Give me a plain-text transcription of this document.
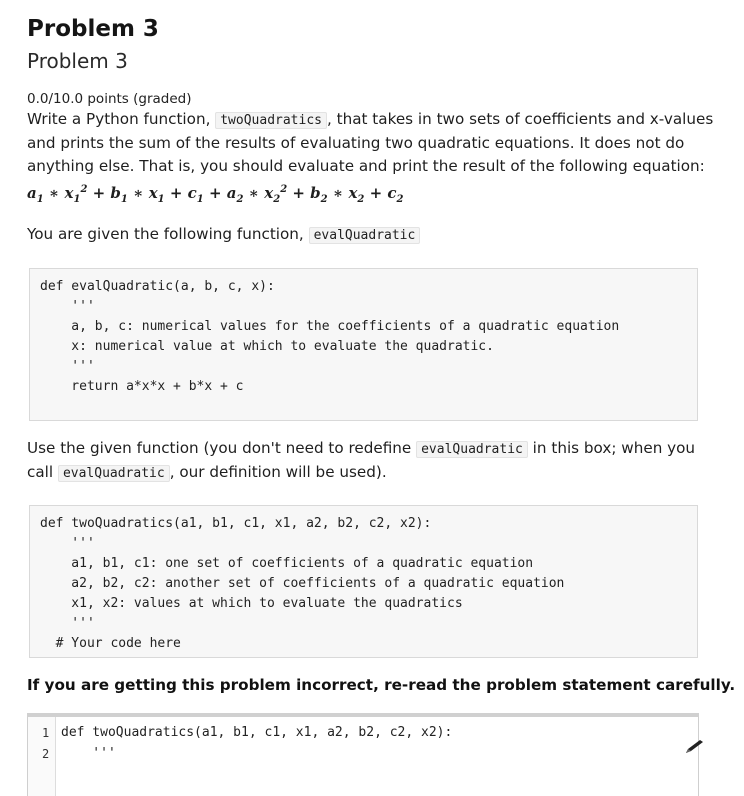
Problem 3
Problem 3
0.0/10.0 points (graded)
Write a Python function, twoQuadratics , that takes in two sets of coefficients and x-values and prints the sum of the results of evaluating two quadratic equations. It does not do anything else. That is, you should evaluate and print the result of the following equation: $a_1$ ∗ $x_1^2 + b_1$ ∗ $x_1 + c_1 + a_2$ ∗ $x_2^2 + b_2$ ∗ $x_2 + c_2$
You are given the following function, evalQuadratic
def evalQuadratic(a, b, c, x):
'''
a, b, c: numerical values for the coefficients of a quadratic equation
x: numerical value at which to evaluate the quadratic.
'''
return a*x*x + b*x + c
Use the given function (you don't need to redefine evalQuadratic in this box; when you call evalQuadratic , our definition will be used).
def twoQuadratics(a1, b1, c1, x1, a2, b2, c2, x2):
'''
a1, b1, c1: one set of coefficients of a quadratic equation
a2, b2, c2: another set of coefficients of a quadratic equation
x1, x2: values at which to evaluate the quadratics
'''
# Your code here
If you are getting this problem incorrect, re-read the problem statement carefully.
1 def twoQuadratics(a1, b1, c1, x1, a2, b2, c2, x2):
2 '''
